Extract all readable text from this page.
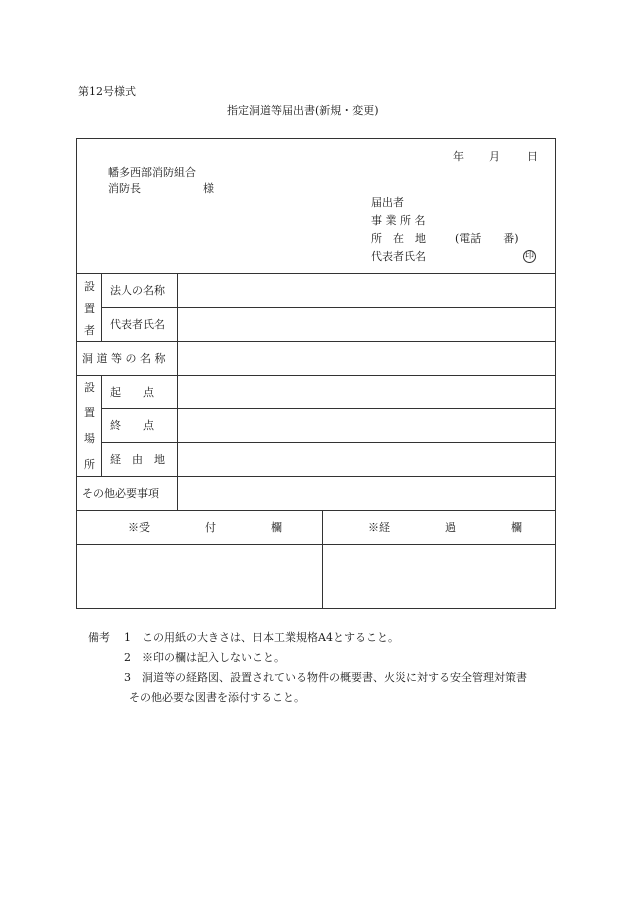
第12号様式
指定洞道等届出書(新規・変更)
年 月 日
幡多西部消防組合
消防長	様
届出者
事 業 所 名
所　在　地	(電話　　番)
代表者氏名	印
設
置
者
法人の名称
代表者氏名
洞 道 等 の 名 称
設
置
場
所
起　　点
終　　点
経　由　地
その他必要事項
※受　　　　　付　　　　　欄	※経　　　　　過　　　　　欄
備考 1 この用紙の大きさは、日本工業規格A4とすること。
2 ※印の欄は記入しないこと。
3 洞道等の経路図、設置されている物件の概要書、火災に対する安全管理対策書
その他必要な図書を添付すること。
